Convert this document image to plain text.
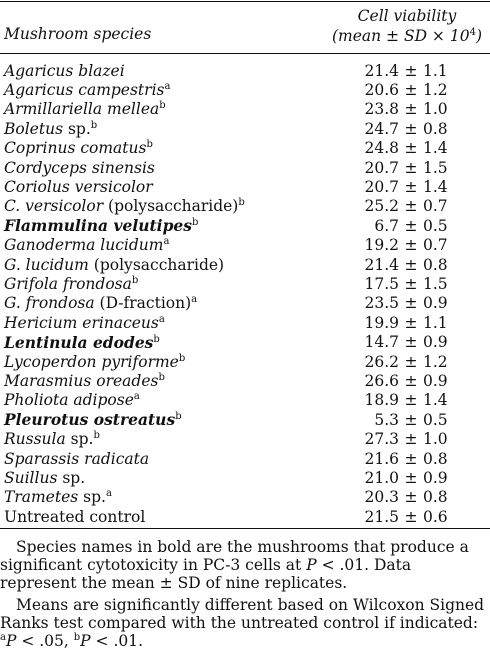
Mushroom species
Cell viability
(mean ± SD × $10^4$)
Agaricus blazei	21.4 ± 1.1
Agaricus campestris$^a$	20.6 ± 1.2
Armillariella mellea$^b$	23.8 ± 1.0
Boletus sp.$^b$	24.7 ± 0.8
Coprinus comatus$^b$	24.8 ± 1.4
Cordyceps sinensis	20.7 ± 1.5
Coriolus versicolor	20.7 ± 1.4
C. versicolor (polysaccharide)$^b$	25.2 ± 0.7
Flammulina velutipes$^b$	6.7 ± 0.5
Ganoderma lucidum$^a$	19.2 ± 0.7
G. lucidum (polysaccharide)	21.4 ± 0.8
Grifola frondosa$^b$	17.5 ± 1.5
G. frondosa (D-fraction)$^a$	23.5 ± 0.9
Hericium erinaceus$^a$	19.9 ± 1.1
Lentinula edodes$^b$	14.7 ± 0.9
Lycoperdon pyriforme$^b$	26.2 ± 1.2
Marasmius oreades$^b$	26.6 ± 0.9
Pholiota adipose$^a$	18.9 ± 1.4
Pleurotus ostreatus$^b$	5.3 ± 0.5
Russula sp.$^b$	27.3 ± 1.0
Sparassis radicata	21.6 ± 0.8
Suillus sp.	21.0 ± 0.9
Trametes sp.$^a$	20.3 ± 0.8
Untreated control	21.5 ± 0.6

Species names in bold are the mushrooms that produce a significant cytotoxicity in PC-3 cells at P < .01. Data represent the mean ± SD of nine replicates.

Means are significantly different based on Wilcoxon Signed Ranks test compared with the untreated control if indicated: $^a$P < .05, $^b$P < .01.
